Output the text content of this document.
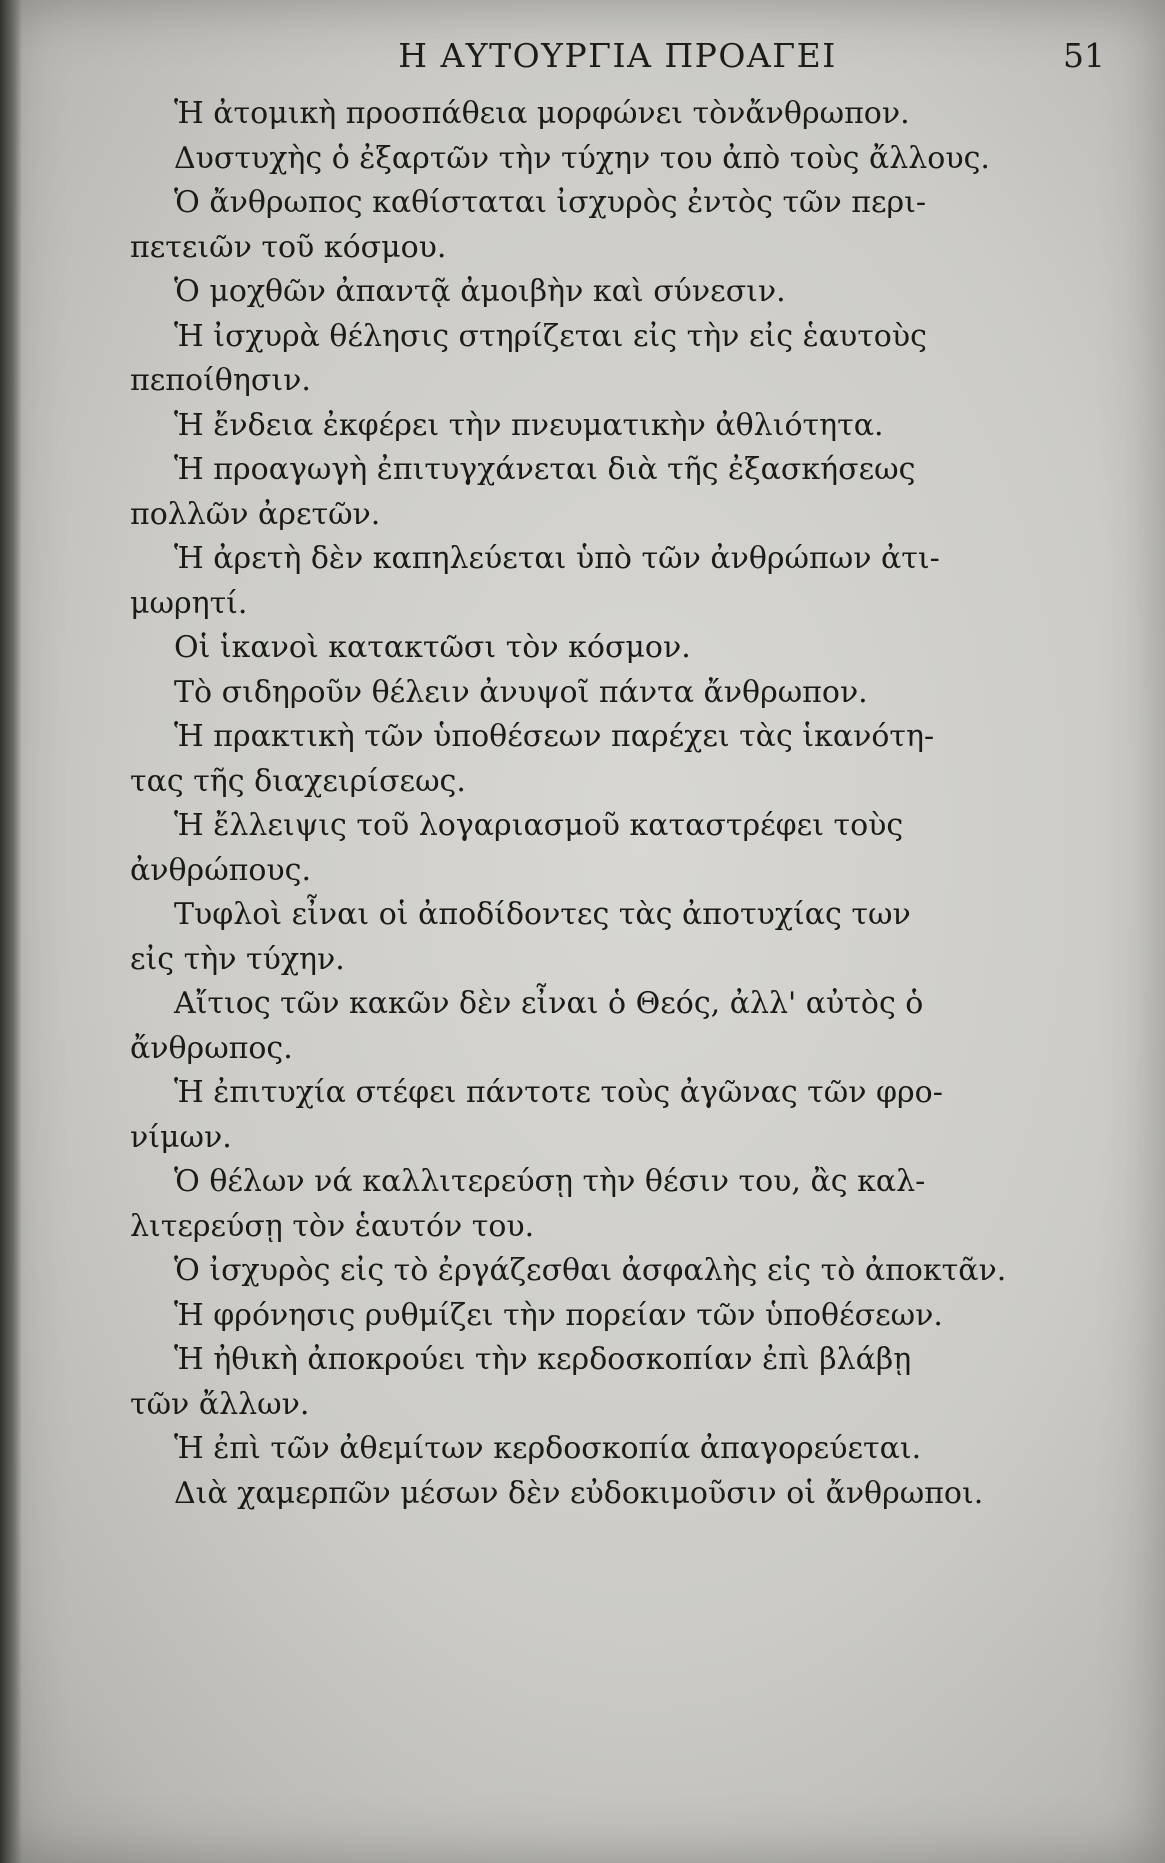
Η ΑΥΤΟΥΡΓΙΑ ΠΡΟΑΓΕΙ	51
Ἡ ἀτομικὴ προσπάθεια μορφώνει τὸνἄνθρωπον.
Δυστυχὴς ὁ ἐξαρτῶν τὴν τύχην του ἀπὸ τοὺς ἄλλους.
Ὁ ἄνθρωπος καθίσταται ἰσχυρὸς ἐντὸς τῶν περι-
πετειῶν τοῦ κόσμου.
Ὁ μοχθῶν ἀπαντᾷ ἀμοιβὴν καὶ σύνεσιν.
Ἡ ἰσχυρὰ θέλησις στηρίζεται εἰς τὴν εἰς ἑαυτοὺς
πεποίθησιν.
Ἡ ἔνδεια ἐκφέρει τὴν πνευματικὴν ἀθλιότητα.
Ἡ προαγωγὴ ἐπιτυγχάνεται διὰ τῆς ἐξασκήσεως
πολλῶν ἀρετῶν.
Ἡ ἀρετὴ δὲν καπηλεύεται ὑπὸ τῶν ἀνθρώπων ἀτι-
μωρητί.
Οἱ ἱκανοὶ κατακτῶσι τὸν κόσμον.
Τὸ σιδηροῦν θέλειν ἀνυψοῖ πάντα ἄνθρωπον.
Ἡ πρακτικὴ τῶν ὑποθέσεων παρέχει τὰς ἱκανότη-
τας τῆς διαχειρίσεως.
Ἡ ἔλλειψις τοῦ λογαριασμοῦ καταστρέφει τοὺς
ἀνθρώπους.
Τυφλοὶ εἶναι οἱ ἀποδίδοντες τὰς ἀποτυχίας των
εἰς τὴν τύχην.
Αἴτιος τῶν κακῶν δὲν εἶναι ὁ Θεός, ἀλλ' αὐτὸς ὁ
ἄνθρωπος.
Ἡ ἐπιτυχία στέφει πάντοτε τοὺς ἀγῶνας τῶν φρο-
νίμων.
Ὁ θέλων νά καλλιτερεύσῃ τὴν θέσιν του, ἂς καλ-
λιτερεύσῃ τὸν ἑαυτόν του.
Ὁ ἰσχυρὸς εἰς τὸ ἐργάζεσθαι ἀσφαλὴς εἰς τὸ ἀποκτᾶν.
Ἡ φρόνησις ρυθμίζει τὴν πορείαν τῶν ὑποθέσεων.
Ἡ ἠθικὴ ἀποκρούει τὴν κερδοσκοπίαν ἐπὶ βλάβῃ
τῶν ἄλλων.
Ἡ ἐπὶ τῶν ἀθεμίτων κερδοσκοπία ἀπαγορεύεται.
Διὰ χαμερπῶν μέσων δὲν εὐδοκιμοῦσιν οἱ ἄνθρωποι.
